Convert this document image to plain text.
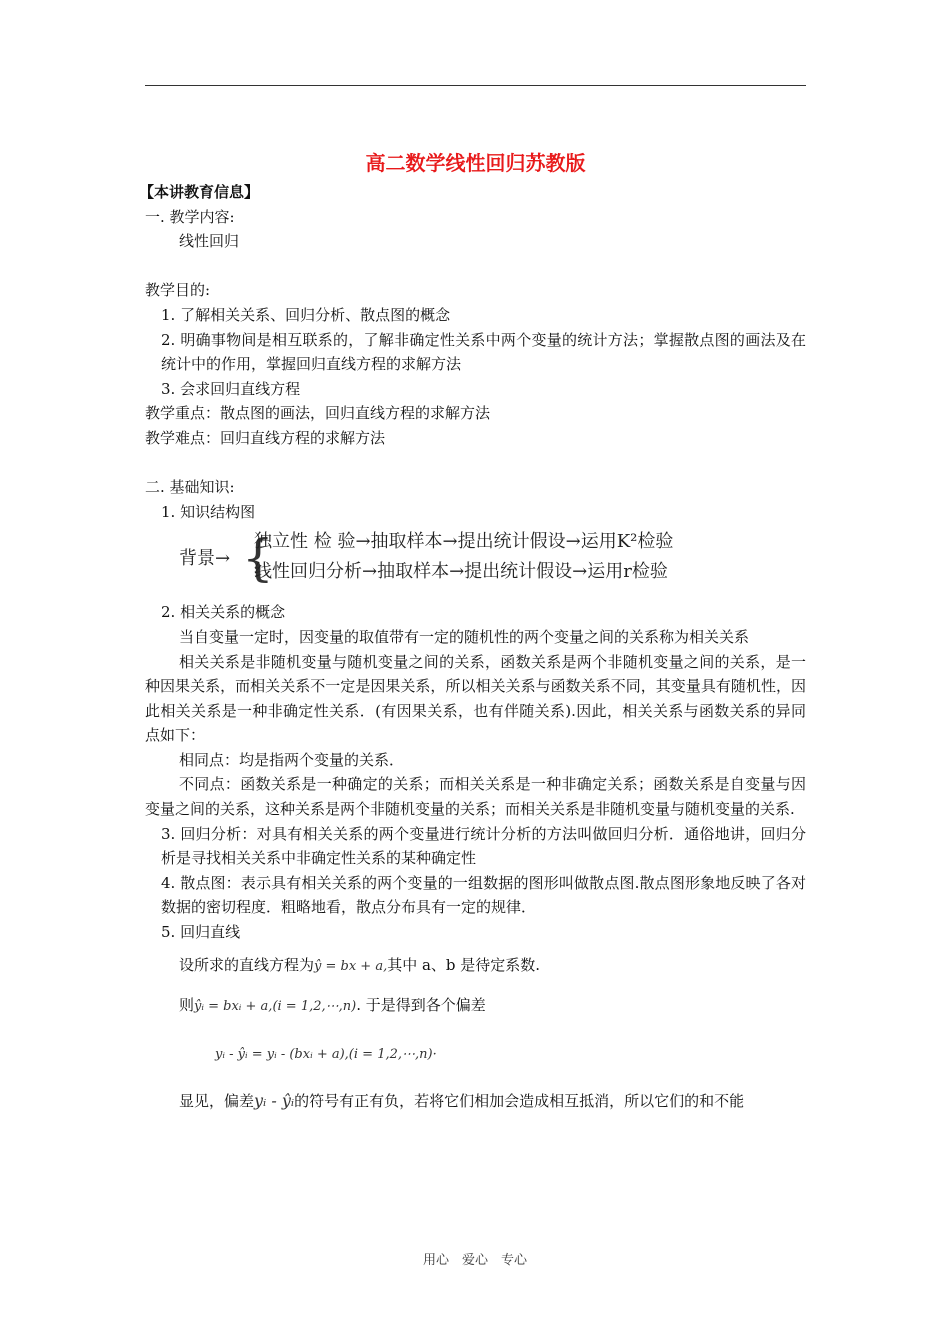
高二数学线性回归苏教版

【本讲教育信息】

一. 教学内容:

线性回归

教学目的:

1. 了解相关关系、回归分析、散点图的概念

2. 明确事物间是相互联系的，了解非确定性关系中两个变量的统计方法；掌握散点图的画法及在统计中的作用，掌握回归直线方程的求解方法

3. 会求回归直线方程

教学重点：散点图的画法，回归直线方程的求解方法

教学难点：回归直线方程的求解方法

二. 基础知识:

1. 知识结构图

背景→ {
独立性 检 验→抽取样本→提出统计假设→运用K²检验
线性回归分析→抽取样本→提出统计假设→运用r检验

2. 相关关系的概念

当自变量一定时，因变量的取值带有一定的随机性的两个变量之间的关系称为相关关系

相关关系是非随机变量与随机变量之间的关系，函数关系是两个非随机变量之间的关系，是一种因果关系，而相关关系不一定是因果关系，所以相关关系与函数关系不同，其变量具有随机性，因此相关关系是一种非确定性关系．(有因果关系，也有伴随关系).因此，相关关系与函数关系的异同点如下：

相同点：均是指两个变量的关系．

不同点：函数关系是一种确定的关系；而相关关系是一种非确定关系；函数关系是自变量与因变量之间的关系，这种关系是两个非随机变量的关系；而相关关系是非随机变量与随机变量的关系.

3. 回归分析：对具有相关关系的两个变量进行统计分析的方法叫做回归分析．通俗地讲，回归分析是寻找相关关系中非确定性关系的某种确定性

4. 散点图：表示具有相关关系的两个变量的一组数据的图形叫做散点图.散点图形象地反映了各对数据的密切程度．粗略地看，散点分布具有一定的规律．

5. 回归直线

设所求的直线方程为ŷ = bx + a,其中 a、b 是待定系数.

则ŷᵢ = bxᵢ + a,(i = 1,2,⋯,n). 于是得到各个偏差

yᵢ - ŷᵢ = yᵢ - (bxᵢ + a),(i = 1,2,⋯,n)·

显见，偏差yᵢ - ŷᵢ的符号有正有负，若将它们相加会造成相互抵消，所以它们的和不能

用心　爱心　专心
